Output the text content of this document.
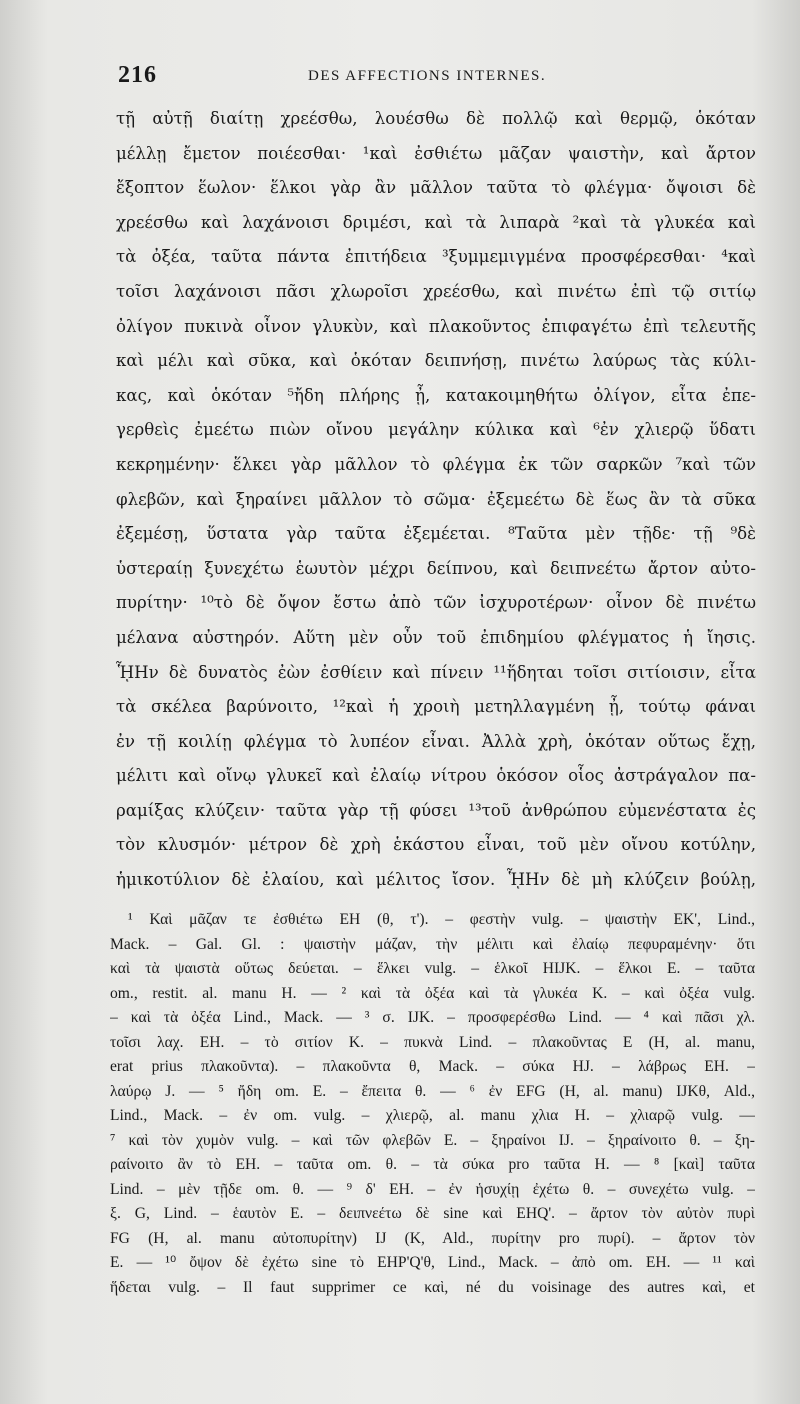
216	DES AFFECTIONS INTERNES.
τῇ αὐτῇ διαίτῃ χρεέσθω, λουέσθω δὲ πολλῷ καὶ θερμῷ, ὁκόταν
μέλλῃ ἔμετον ποιέεσθαι· ¹καὶ ἐσθιέτω μᾶζαν ψαιστὴν, καὶ ἄρτον
ἔξοπτον ἕωλον· ἕλκοι γὰρ ἂν μᾶλλον ταῦτα τὸ φλέγμα· ὄψοισι δὲ
χρεέσθω καὶ λαχάνοισι δριμέσι, καὶ τὰ λιπαρὰ ²καὶ τὰ γλυκέα καὶ
τὰ ὀξέα, ταῦτα πάντα ἐπιτήδεια ³ξυμμεμιγμένα προσφέρεσθαι· ⁴καὶ
τοῖσι λαχάνοισι πᾶσι χλωροῖσι χρεέσθω, καὶ πινέτω ἐπὶ τῷ σιτίῳ
ὀλίγον πυκινὰ οἶνον γλυκὺν, καὶ πλακοῦντος ἐπιφαγέτω ἐπὶ τελευτῆς
καὶ μέλι καὶ σῦκα, καὶ ὁκόταν δειπνήσῃ, πινέτω λαύρως τὰς κύλι-
κας, καὶ ὁκόταν ⁵ἤδη πλήρης ᾖ, κατακοιμηθήτω ὀλίγον, εἶτα ἐπε-
γερθεὶς ἐμεέτω πιὼν οἴνου μεγάλην κύλικα καὶ ⁶ἐν χλιερῷ ὕδατι
κεκρημένην· ἕλκει γὰρ μᾶλλον τὸ φλέγμα ἐκ τῶν σαρκῶν ⁷καὶ τῶν
φλεβῶν, καὶ ξηραίνει μᾶλλον τὸ σῶμα· ἐξεμεέτω δὲ ἕως ἂν τὰ σῦκα
ἐξεμέσῃ, ὕστατα γὰρ ταῦτα ἐξεμέεται. ⁸Ταῦτα μὲν τῇδε· τῇ ⁹δὲ
ὑστεραίῃ ξυνεχέτω ἑωυτὸν μέχρι δείπνου, καὶ δειπνεέτω ἄρτον αὐτο-
πυρίτην· ¹⁰τὸ δὲ ὄψον ἔστω ἀπὸ τῶν ἰσχυροτέρων· οἶνον δὲ πινέτω
μέλανα αὐστηρόν. Αὕτη μὲν οὖν τοῦ ἐπιδημίου φλέγματος ἡ ἴησις.
ᾟΗν δὲ δυνατὸς ἐὼν ἐσθίειν καὶ πίνειν ¹¹ἥδηται τοῖσι σιτίοισιν, εἶτα
τὰ σκέλεα βαρύνοιτο, ¹²καὶ ἡ χροιὴ μετηλλαγμένη ᾖ, τούτῳ φάναι
ἐν τῇ κοιλίῃ φλέγμα τὸ λυπέον εἶναι. Ἀλλὰ χρὴ, ὁκόταν οὕτως ἔχῃ,
μέλιτι καὶ οἴνῳ γλυκεῖ καὶ ἐλαίῳ νίτρου ὁκόσον οἷος ἀστράγαλον πα-
ραμίξας κλύζειν· ταῦτα γὰρ τῇ φύσει ¹³τοῦ ἀνθρώπου εὐμενέστατα ἐς
τὸν κλυσμόν· μέτρον δὲ χρὴ ἑκάστου εἶναι, τοῦ μὲν οἴνου κοτύλην,
ἡμικοτύλιον δὲ ἐλαίου, καὶ μέλιτος ἴσον. ᾟΗν δὲ μὴ κλύζειν βούλῃ,
¹ Καὶ μᾶζαν τε ἐσθιέτω EH (θ, τ'). – φεστὴν vulg. – ψαιστὴν EK', Lind.,
Mack. – Gal. Gl. : ψαιστὴν μάζαν, τὴν μέλιτι καὶ ἐλαίῳ πεφυραμένην· ὅτι
καὶ τὰ ψαιστὰ οὕτως δεύεται. – ἕλκει vulg. – ἑλκοῖ HIJK. – ἕλκοι E. – ταῦτα
om., restit. al. manu H. — ² καὶ τὰ ὀξέα καὶ τὰ γλυκέα K. – καὶ ὀξέα vulg.
– καὶ τὰ ὀξέα Lind., Mack. — ³ σ. IJK. – προσφερέσθω Lind. — ⁴ καὶ πᾶσι χλ.
τοῖσι λαχ. EH. – τὸ σιτίον K. – πυκνὰ Lind. – πλακοῦντας E (H, al. manu,
erat prius πλακοῦντα). – πλακοῦντα θ, Mack. – σύκα HJ. – λάβρως EH. –
λαύρῳ J. — ⁵ ἤδη om. E. – ἔπειτα θ. — ⁶ ἐν EFG (H, al. manu) IJKθ, Ald.,
Lind., Mack. – ἐν om. vulg. – χλιερῷ, al. manu χλια H. – χλιαρῷ vulg. —
⁷ καὶ τὸν χυμὸν vulg. – καὶ τῶν φλεβῶν E. – ξηραίνοι IJ. – ξηραίνοιτο θ. – ξη-
ραίνοιτο ἂν τὸ EH. – ταῦτα om. θ. – τὰ σύκα pro ταῦτα H. — ⁸ [καὶ] ταῦτα
Lind. – μὲν τῇδε om. θ. — ⁹ δ' EH. – ἐν ἡσυχίῃ ἐχέτω θ. – συνεχέτω vulg. –
ξ. G, Lind. – ἑαυτὸν E. – δειπνεέτω δὲ sine καὶ EHQ'. – ἄρτον τὸν αὐτὸν πυρὶ
FG (H, al. manu αὐτοπυρίτην) IJ (K, Ald., πυρίτην pro πυρί). – ἄρτον τὸν
E. — ¹⁰ ὄψον δὲ ἐχέτω sine τὸ EHP'Q'θ, Lind., Mack. – ἀπὸ om. EH. — ¹¹ καὶ
ἥδεται vulg. – Il faut supprimer ce καὶ, né du voisinage des autres καὶ, et
